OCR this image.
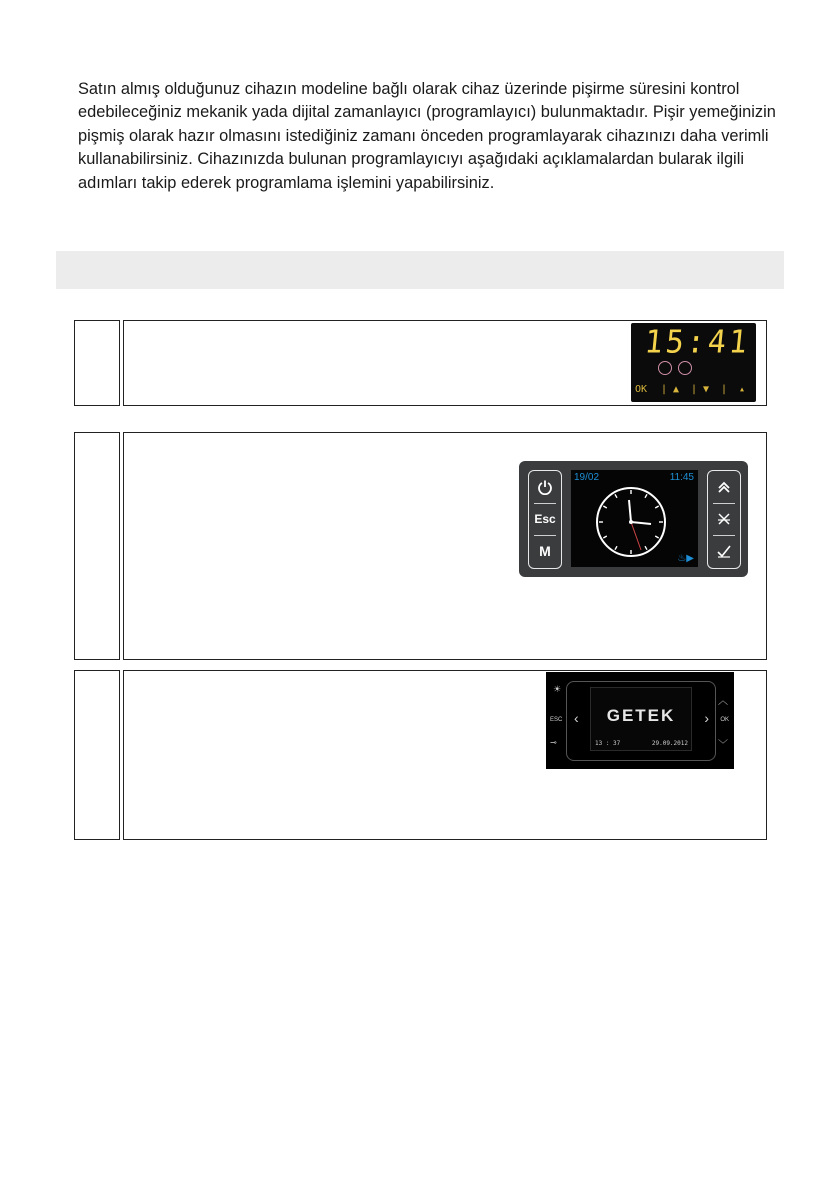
Satın almış olduğunuz cihazın modeline bağlı olarak cihaz üzerinde pişirme süresini kontrol edebileceğiniz mekanik yada dijital zamanlayıcı (programlayıcı) bulunmaktadır. Pişir yemeğinizin pişmiş olarak hazır olmasını istediğiniz zamanı önceden programlayarak cihazınızı daha verimli kullanabilirsiniz. Cihazınızda bulunan programlayıcıyı aşağıdaki açıklamalardan bularak ilgili adımları takip ederek programlama işlemini yapabilirsiniz.

15:41
OK | ▲ | ▼ | ▴
Esc
M
19/02	11:45
♨▶
☀
ESC
⊸
‹	›
GETEK
13 : 37	29.09.2012
︿
OK
﹀
